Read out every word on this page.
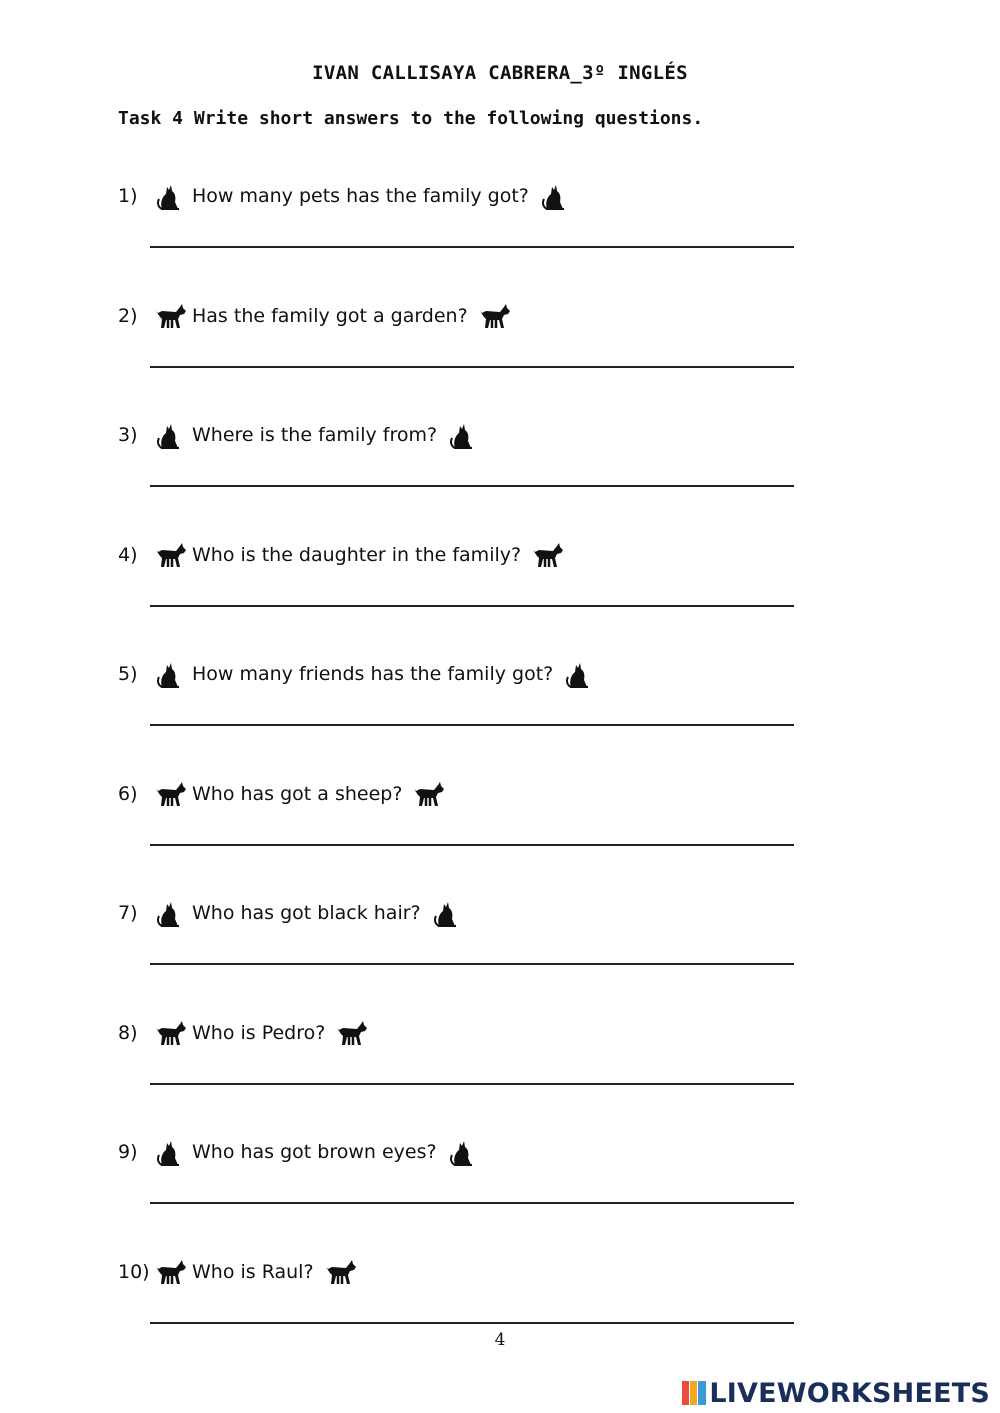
IVAN CALLISAYA CABRERA_3º INGLÉS
Task 4 Write short answers to the following questions.
1)	How many pets has the family got?
2)	Has the family got a garden?
3)	Where is the family from?
4)	Who is the daughter in the family?
5)	How many friends has the family got?
6)	Who has got a sheep?
7)	Who has got black hair?
8)	Who is Pedro?
9)	Who has got brown eyes?
10) Who is Raul?
4
LIVEWORKSHEETS
